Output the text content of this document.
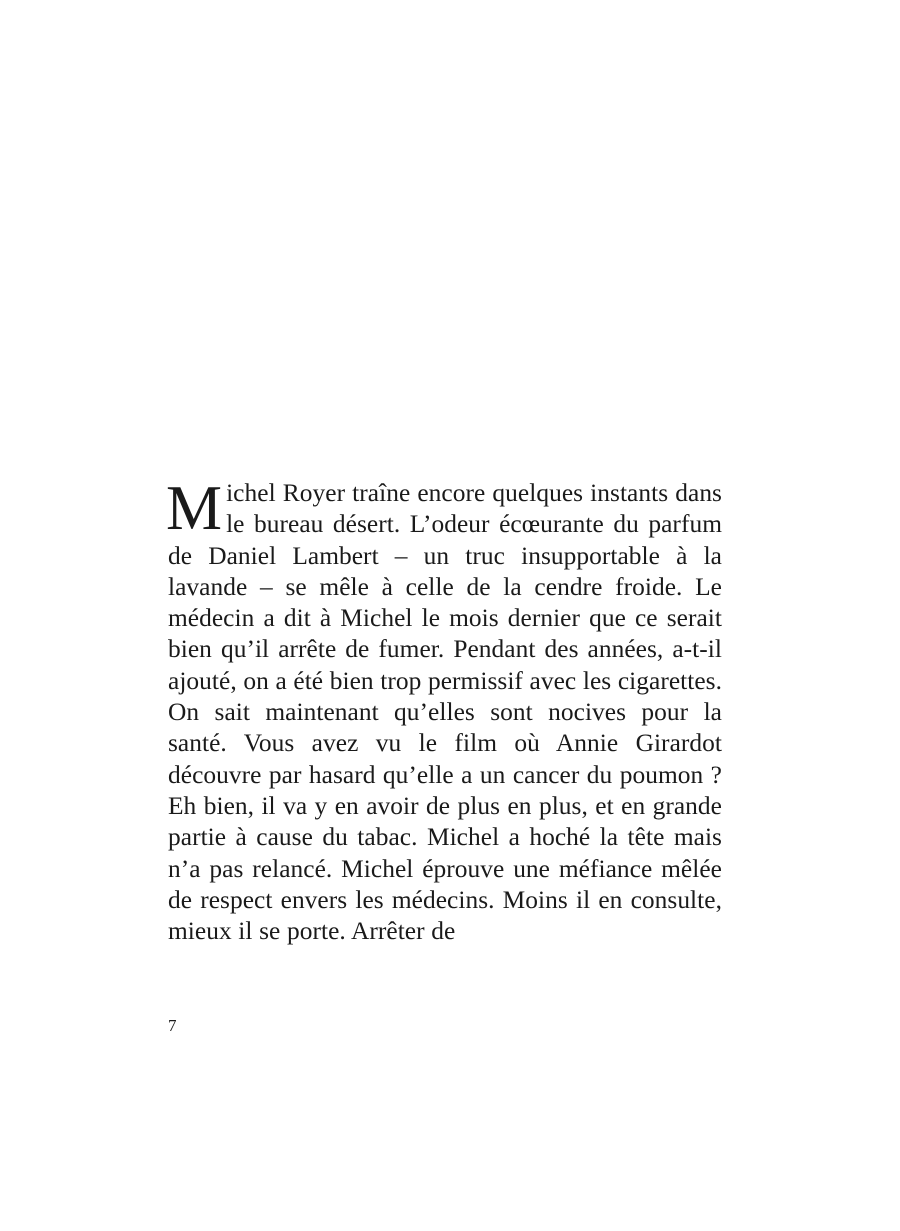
Michel Royer traîne encore quelques instants dans le bureau désert. L’odeur écœurante du parfum de Daniel Lambert – un truc insupportable à la lavande – se mêle à celle de la cendre froide. Le médecin a dit à Michel le mois dernier que ce serait bien qu’il arrête de fumer. Pendant des années, a-t-il ajouté, on a été bien trop permissif avec les cigarettes. On sait maintenant qu’elles sont nocives pour la santé. Vous avez vu le film où Annie Girardot découvre par hasard qu’elle a un cancer du poumon ? Eh bien, il va y en avoir de plus en plus, et en grande partie à cause du tabac. Michel a hoché la tête mais n’a pas relancé. Michel éprouve une méfiance mêlée de respect envers les médecins. Moins il en consulte, mieux il se porte. Arrêter de

7
